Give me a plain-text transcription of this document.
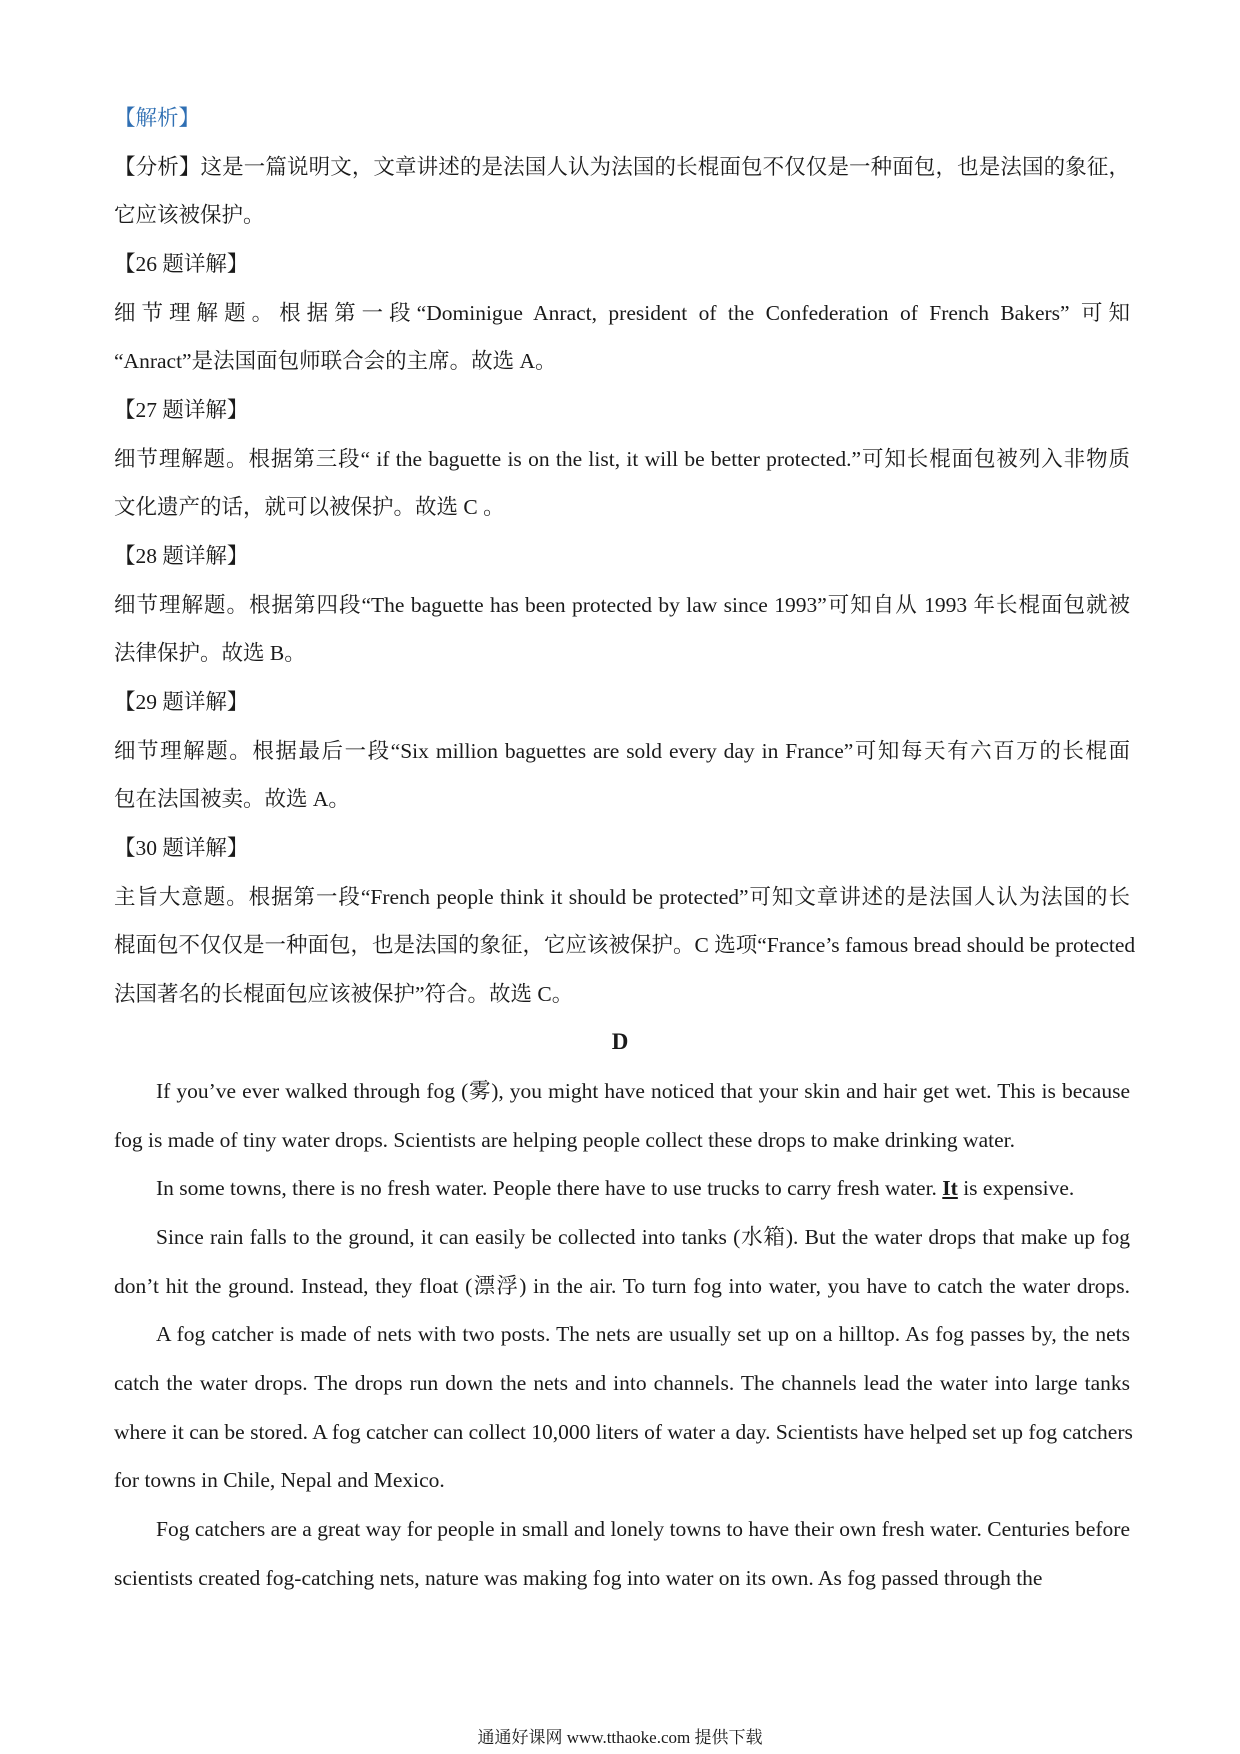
【解析】
【分析】这是一篇说明文，文章讲述的是法国人认为法国的长棍面包不仅仅是一种面包，也是法国的象征，
它应该被保护。
【26 题详解】
细节理解题。根据第一段“Dominigue Anract, president of the Confederation of French Bakers” 可知
“Anract”是法国面包师联合会的主席。故选 A。
【27 题详解】
细节理解题。根据第三段“ if the baguette is on the list, it will be better protected.”可知长棍面包被列入非物质
文化遗产的话，就可以被保护。故选 C 。
【28 题详解】
细节理解题。根据第四段“The baguette has been protected by law since 1993”可知自从 1993 年长棍面包就被
法律保护。故选 B。
【29 题详解】
细节理解题。根据最后一段“Six million baguettes are sold every day in France”可知每天有六百万的长棍面
包在法国被卖。故选 A。
【30 题详解】
主旨大意题。根据第一段“French people think it should be protected”可知文章讲述的是法国人认为法国的长
棍面包不仅仅是一种面包，也是法国的象征，它应该被保护。C 选项“France’s famous bread should be protected
法国著名的长棍面包应该被保护”符合。故选 C。
D
If you’ve ever walked through fog (雾), you might have noticed that your skin and hair get wet. This is because
fog is made of tiny water drops. Scientists are helping people collect these drops to make drinking water.
In some towns, there is no fresh water. People there have to use trucks to carry fresh water. It is expensive.
Since rain falls to the ground, it can easily be collected into tanks (水箱). But the water drops that make up fog
don’t hit the ground. Instead, they float (漂浮) in the air. To turn fog into water, you have to catch the water drops.
A fog catcher is made of nets with two posts. The nets are usually set up on a hilltop. As fog passes by, the nets
catch the water drops. The drops run down the nets and into channels. The channels lead the water into large tanks
where it can be stored. A fog catcher can collect 10,000 liters of water a day. Scientists have helped set up fog catchers
for towns in Chile, Nepal and Mexico.
Fog catchers are a great way for people in small and lonely towns to have their own fresh water. Centuries before
scientists created fog-catching nets, nature was making fog into water on its own. As fog passed through the
通通好课网 www.tthaoke.com 提供下载
